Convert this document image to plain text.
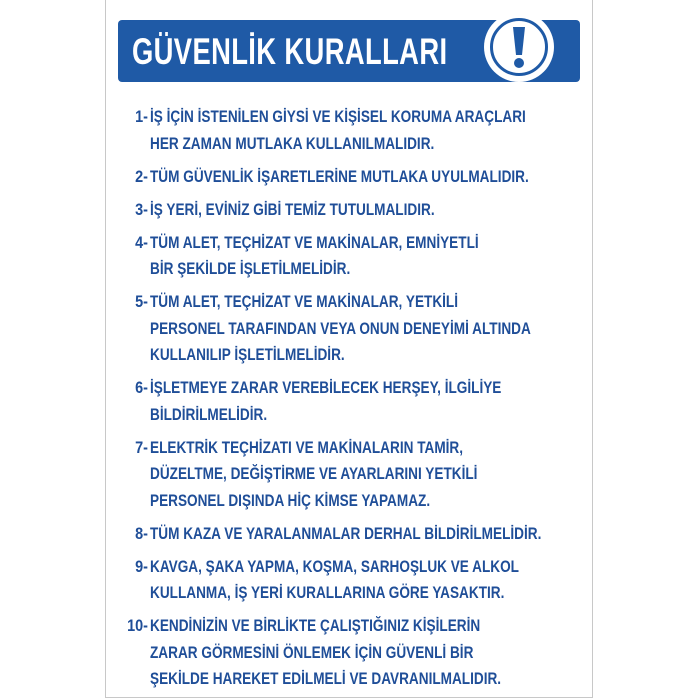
GÜVENLİK KURALLARI
1- İŞ İÇİN İSTENİLEN GİYSİ VE KİŞİSEL KORUMA ARAÇLARI
HER ZAMAN MUTLAKA KULLANILMALIDIR.
2- TÜM GÜVENLİK İŞARETLERİNE MUTLAKA UYULMALIDIR.
3- İŞ YERİ, EVİNİZ GİBİ TEMİZ TUTULMALIDIR.
4- TÜM ALET, TEÇHİZAT VE MAKİNALAR, EMNİYETLİ
BİR ŞEKİLDE İŞLETİLMELİDİR.
5- TÜM ALET, TEÇHİZAT VE MAKİNALAR, YETKİLİ
PERSONEL TARAFINDAN VEYA ONUN DENEYİMİ ALTINDA
KULLANILIP İŞLETİLMELİDİR.
6- İŞLETMEYE ZARAR VEREBİLECEK HERŞEY, İLGİLİYE
BİLDİRİLMELİDİR.
7- ELEKTRİK TEÇHİZATI VE MAKİNALARIN TAMİR,
DÜZELTME, DEĞİŞTİRME VE AYARLARINI YETKİLİ
PERSONEL DIŞINDA HİÇ KİMSE YAPAMAZ.
8- TÜM KAZA VE YARALANMALAR DERHAL BİLDİRİLMELİDİR.
9- KAVGA, ŞAKA YAPMA, KOŞMA, SARHOŞLUK VE ALKOL
KULLANMA, İŞ YERİ KURALLARINA GÖRE YASAKTIR.
10- KENDİNİZİN VE BİRLİKTE ÇALIŞTIĞINIZ KİŞİLERİN
ZARAR GÖRMESİNİ ÖNLEMEK İÇİN GÜVENLİ BİR
ŞEKİLDE HAREKET EDİLMELİ VE DAVRANILMALIDIR.
